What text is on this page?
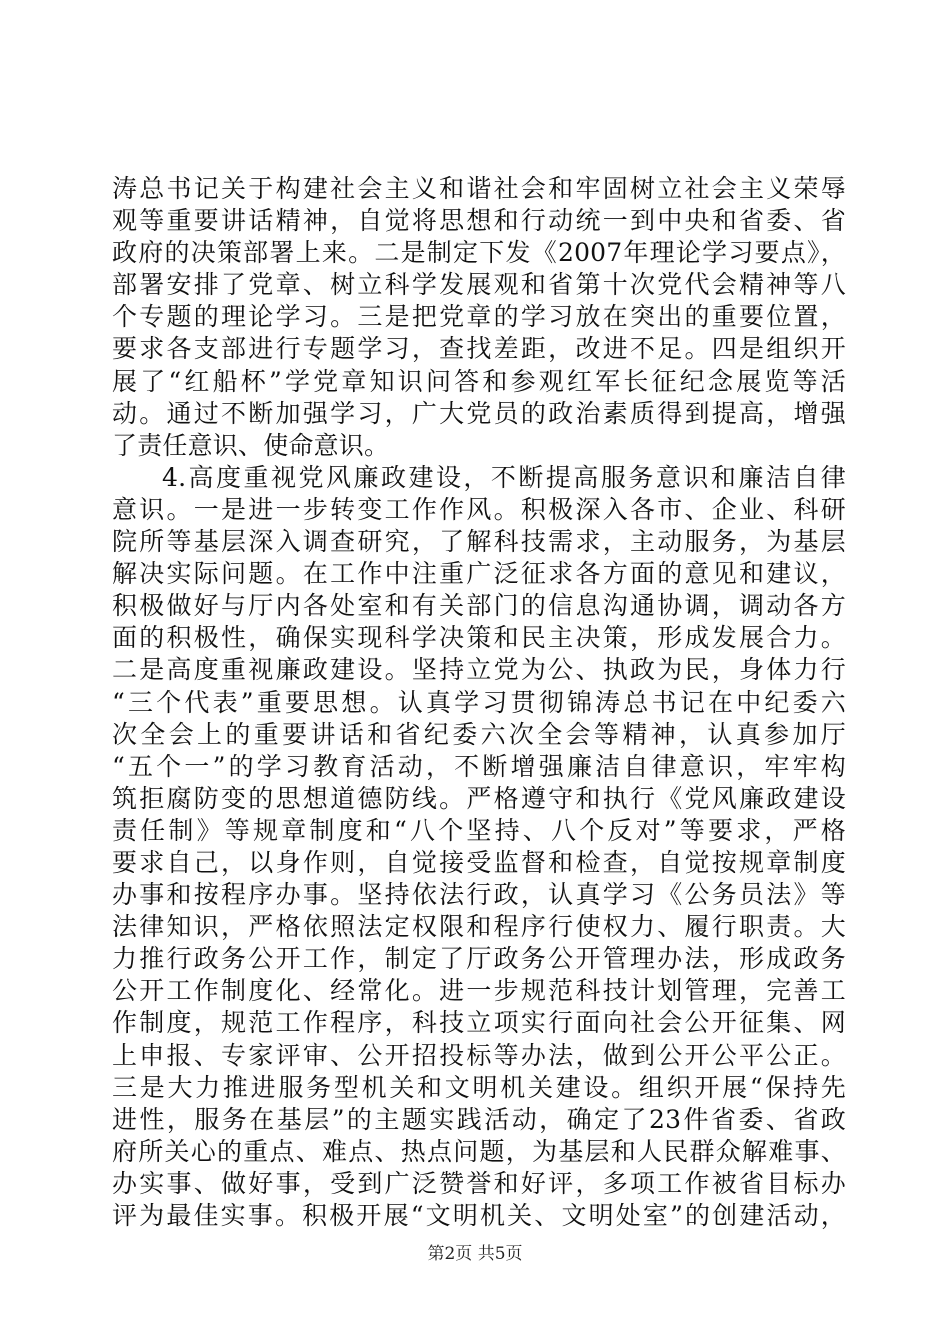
涛总书记关于构建社会主义和谐社会和牢固树立社会主义荣辱
观等重要讲话精神，自觉将思想和行动统一到中央和省委、省
政府的决策部署上来。二是制定下发《2007年理论学习要点》，
部署安排了党章、树立科学发展观和省第十次党代会精神等八
个专题的理论学习。三是把党章的学习放在突出的重要位置，
要求各支部进行专题学习，查找差距，改进不足。四是组织开
展了“红船杯”学党章知识问答和参观红军长征纪念展览等活
动。通过不断加强学习，广大党员的政治素质得到提高，增强
了责任意识、使命意识。
4.高度重视党风廉政建设，不断提高服务意识和廉洁自律
意识。一是进一步转变工作作风。积极深入各市、企业、科研
院所等基层深入调查研究，了解科技需求，主动服务，为基层
解决实际问题。在工作中注重广泛征求各方面的意见和建议，
积极做好与厅内各处室和有关部门的信息沟通协调，调动各方
面的积极性，确保实现科学决策和民主决策，形成发展合力。
二是高度重视廉政建设。坚持立党为公、执政为民，身体力行
“三个代表”重要思想。认真学习贯彻锦涛总书记在中纪委六
次全会上的重要讲话和省纪委六次全会等精神，认真参加厅
“五个一”的学习教育活动，不断增强廉洁自律意识，牢牢构
筑拒腐防变的思想道德防线。严格遵守和执行《党风廉政建设
责任制》等规章制度和“八个坚持、八个反对”等要求，严格
要求自己，以身作则，自觉接受监督和检查，自觉按规章制度
办事和按程序办事。坚持依法行政，认真学习《公务员法》等
法律知识，严格依照法定权限和程序行使权力、履行职责。大
力推行政务公开工作，制定了厅政务公开管理办法，形成政务
公开工作制度化、经常化。进一步规范科技计划管理，完善工
作制度，规范工作程序，科技立项实行面向社会公开征集、网
上申报、专家评审、公开招投标等办法，做到公开公平公正。
三是大力推进服务型机关和文明机关建设。组织开展“保持先
进性，服务在基层”的主题实践活动，确定了23件省委、省政
府所关心的重点、难点、热点问题，为基层和人民群众解难事、
办实事、做好事，受到广泛赞誉和好评，多项工作被省目标办
评为最佳实事。积极开展“文明机关、文明处室”的创建活动，
第2页 共5页
